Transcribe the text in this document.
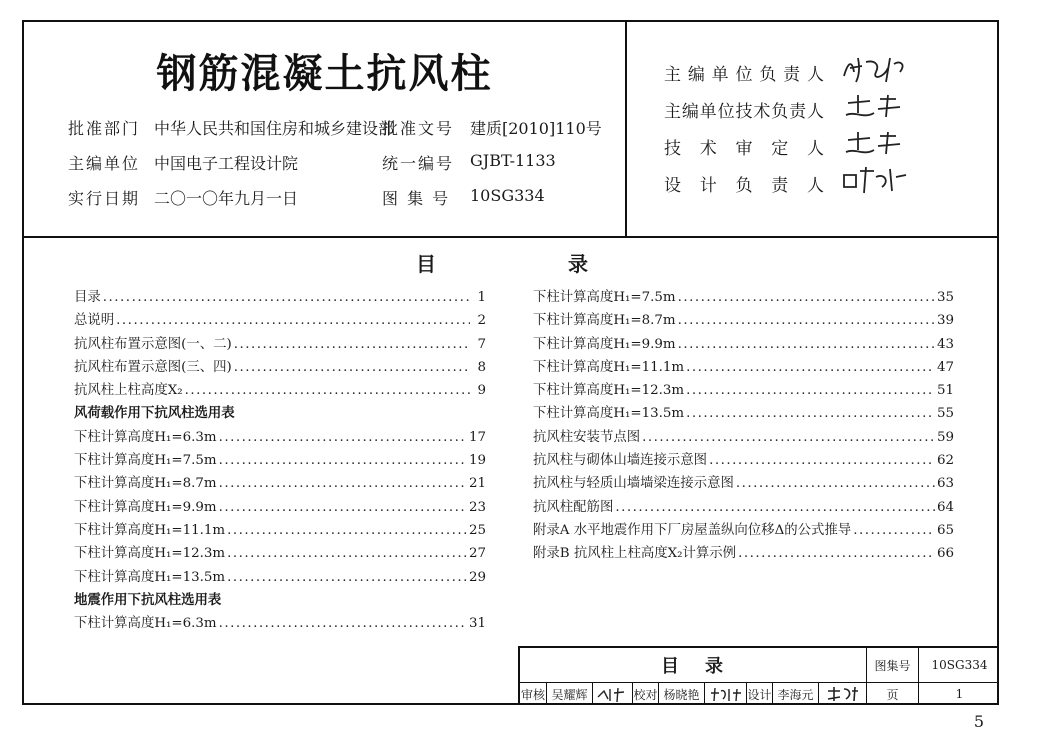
钢筋混凝土抗风柱
批准部门 中华人民共和国住房和城乡建设部
批准文号 建质[2010]110号
主编单位 中国电子工程设计院	统一编号 GJBT-1133
实行日期 二〇一〇年九月一日	图 集 号 10SG334
主 编 单 位 负 责 人
主 编 单 位 技 术 负 责 人
技 术 审 定 人
设 计 负 责 人
目	录
目录 .....	1
总说明 .....	2
抗风柱布置示意图(一、二) .....	7
抗风柱布置示意图(三、四) .....	8
抗风柱上柱高度X₂ .....	9
风荷载作用下抗风柱选用表
下柱计算高度H₁=6.3m .....	17
下柱计算高度H₁=7.5m .....	19
下柱计算高度H₁=8.7m .....	21
下柱计算高度H₁=9.9m .....	23
下柱计算高度H₁=11.1m .....	25
下柱计算高度H₁=12.3m .....	27
下柱计算高度H₁=13.5m .....	29
地震作用下抗风柱选用表
下柱计算高度H₁=6.3m .....	31
下柱计算高度H₁=7.5m .....	35
下柱计算高度H₁=8.7m .....	39
下柱计算高度H₁=9.9m .....	43
下柱计算高度H₁=11.1m .....	47
下柱计算高度H₁=12.3m .....	51
下柱计算高度H₁=13.5m .....	55
抗风柱安装节点图 .....	59
抗风柱与砌体山墙连接示意图 .....	62
抗风柱与轻质山墙墙梁连接示意图 .....	63
抗风柱配筋图 .....	64
附录A 水平地震作用下厂房屋盖纵向位移Δ的公式推导 .....	65
附录B 抗风柱上柱高度X₂计算示例 .....	66
目 录	图集号	10SG334
审核 吴耀辉	校对 杨晓艳	设计 李海元	页	1
5
